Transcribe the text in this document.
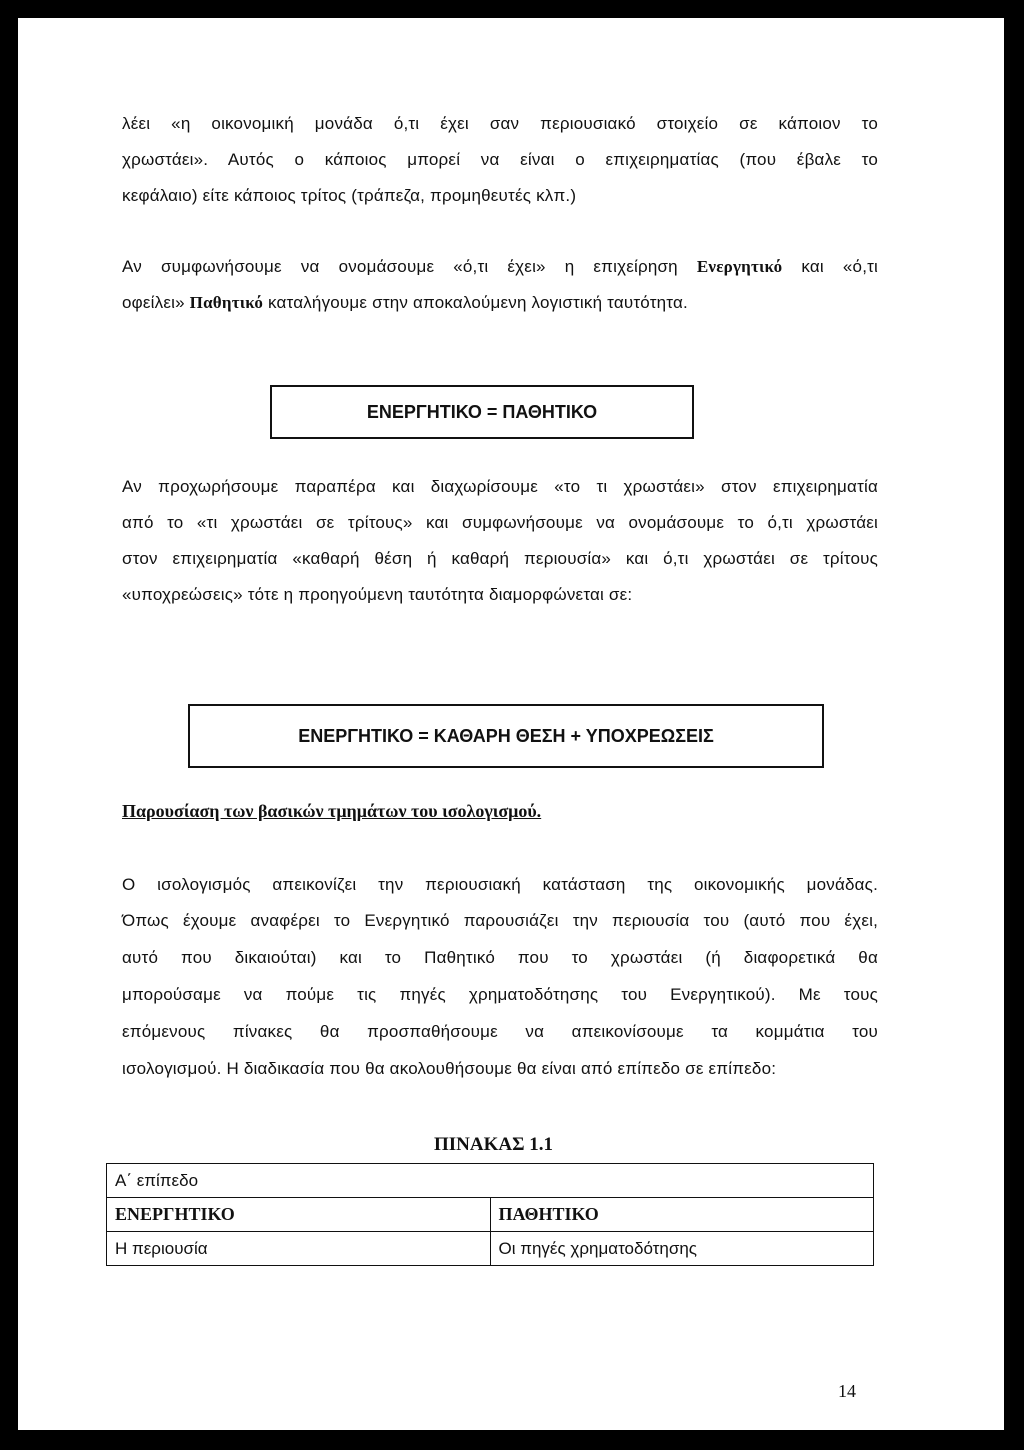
λέει «η οικονομική μονάδα ό,τι έχει σαν περιουσιακό στοιχείο σε κάποιον το

χρωστάει». Αυτός ο κάποιος μπορεί να είναι ο επιχειρηματίας (που έβαλε το

κεφάλαιο) είτε κάποιος τρίτος (τράπεζα, προμηθευτές κλπ.)

Αν συμφωνήσουμε να ονομάσουμε «ό,τι έχει» η επιχείρηση Ενεργητικό και «ό,τι

οφείλει» Παθητικό καταλήγουμε στην αποκαλούμενη λογιστική ταυτότητα.

ΕΝΕΡΓΗΤΙΚΟ = ΠΑΘΗΤΙΚΟ

Αν προχωρήσουμε παραπέρα και διαχωρίσουμε «το τι χρωστάει» στον επιχειρηματία

από το «τι χρωστάει σε τρίτους» και συμφωνήσουμε να ονομάσουμε το ό,τι χρωστάει

στον επιχειρηματία «καθαρή θέση ή καθαρή περιουσία» και ό,τι χρωστάει σε τρίτους

«υποχρεώσεις» τότε η προηγούμενη ταυτότητα διαμορφώνεται σε:

ΕΝΕΡΓΗΤΙΚΟ = ΚΑΘΑΡΗ ΘΕΣΗ + ΥΠΟΧΡΕΩΣΕΙΣ

Παρουσίαση των βασικών τμημάτων του ισολογισμού.

Ο ισολογισμός απεικονίζει την περιουσιακή κατάσταση της οικονομικής μονάδας.

Όπως έχουμε αναφέρει το Ενεργητικό παρουσιάζει την περιουσία του (αυτό που έχει,

αυτό που δικαιούται) και το Παθητικό που το χρωστάει (ή διαφορετικά θα

μπορούσαμε να πούμε τις πηγές χρηματοδότησης του Ενεργητικού). Με τους

επόμενους πίνακες θα προσπαθήσουμε να απεικονίσουμε τα κομμάτια του

ισολογισμού. Η διαδικασία που θα ακολουθήσουμε θα είναι από επίπεδο σε επίπεδο:

ΠΙΝΑΚΑΣ 1.1

Α΄ επίπεδο	
ΕΝΕΡΓΗΤΙΚΟ	ΠΑΘΗΤΙΚΟ
Η περιουσία	Οι πηγές χρηματοδότησης

14
